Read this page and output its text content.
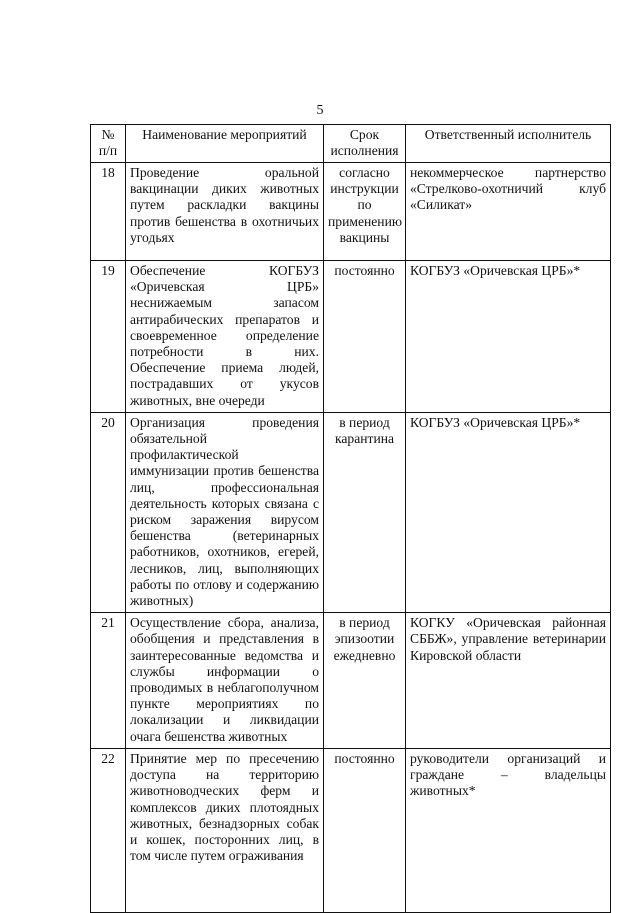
5
№ п/п	Наименование мероприятий	Срок исполнения	Ответственный исполнитель
18	Проведение оральной вакцинации диких животных путем раскладки вакцины против бешенства в охотничьих угодьях	согласно инструкции по применению вакцины	некоммерческое партнерство «Стрелково-охотничий клуб «Силикат»
19	Обеспечение КОГБУЗ «Оричевская ЦРБ» неснижаемым запасом антирабических препаратов и своевременное определение потребности в них. Обеспечение приема людей, пострадавших от укусов животных, вне очереди	постоянно	КОГБУЗ «Оричевская ЦРБ»*
20	Организация проведения обязательной профилактической иммунизации против бешенства лиц, профессиональная деятельность которых связана с риском заражения вирусом бешенства (ветеринарных работников, охотников, егерей, лесников, лиц, выполняющих работы по отлову и содержанию животных)	в период карантина	КОГБУЗ «Оричевская ЦРБ»*
21	Осуществление сбора, анализа, обобщения и представления в заинтересованные ведомства и службы информации о проводимых в неблагополучном пункте мероприятиях по локализации и ликвидации очага бешенства животных	в период эпизоотии ежедневно	КОГКУ «Оричевская районная СББЖ», управление ветеринарии Кировской области
22	Принятие мер по пресечению доступа на территорию животноводческих ферм и комплексов диких плотоядных животных, безнадзорных собак и кошек, посторонних лиц, в том числе путем ограживания	постоянно	руководители организаций и граждане – владельцы животных*
